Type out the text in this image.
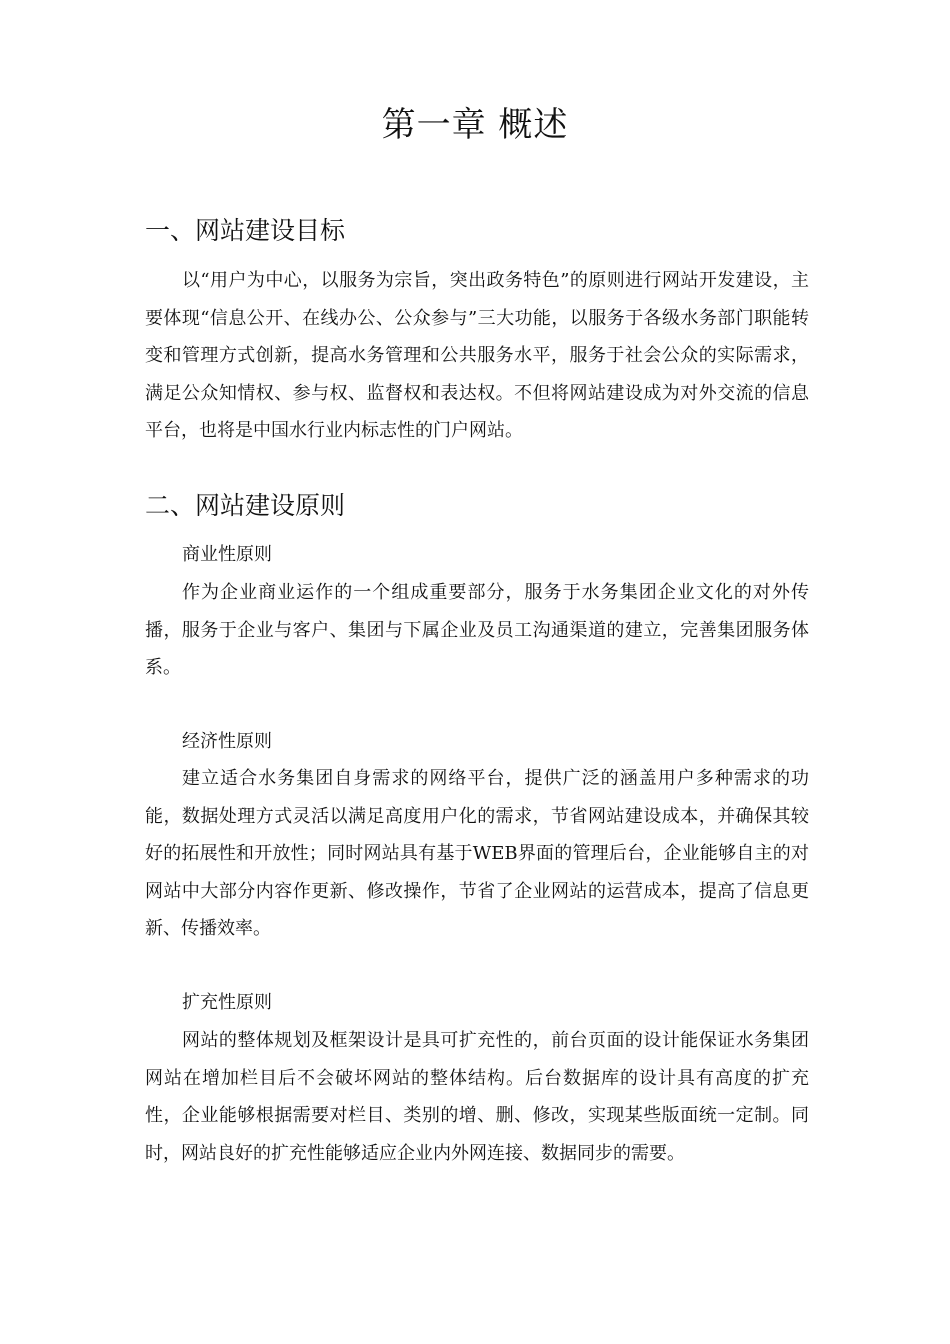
第一章 概述
一、网站建设目标

以“用户为中心，以服务为宗旨，突出政务特色”的原则进行网站开发建设，主要体现“信息公开、在线办公、公众参与”三大功能，以服务于各级水务部门职能转变和管理方式创新，提高水务管理和公共服务水平，服务于社会公众的实际需求，满足公众知情权、参与权、监督权和表达权。不但将网站建设成为对外交流的信息平台，也将是中国水行业内标志性的门户网站。

二、网站建设原则
商业性原则

作为企业商业运作的一个组成重要部分，服务于水务集团企业文化的对外传播，服务于企业与客户、集团与下属企业及员工沟通渠道的建立，完善集团服务体系。

经济性原则

建立适合水务集团自身需求的网络平台，提供广泛的涵盖用户多种需求的功能，数据处理方式灵活以满足高度用户化的需求，节省网站建设成本，并确保其较好的拓展性和开放性；同时网站具有基于WEB界面的管理后台，企业能够自主的对网站中大部分内容作更新、修改操作，节省了企业网站的运营成本，提高了信息更新、传播效率。

扩充性原则

网站的整体规划及框架设计是具可扩充性的，前台页面的设计能保证水务集团网站在增加栏目后不会破坏网站的整体结构。后台数据库的设计具有高度的扩充性，企业能够根据需要对栏目、类别的增、删、修改，实现某些版面统一定制。同时，网站良好的扩充性能够适应企业内外网连接、数据同步的需要。
